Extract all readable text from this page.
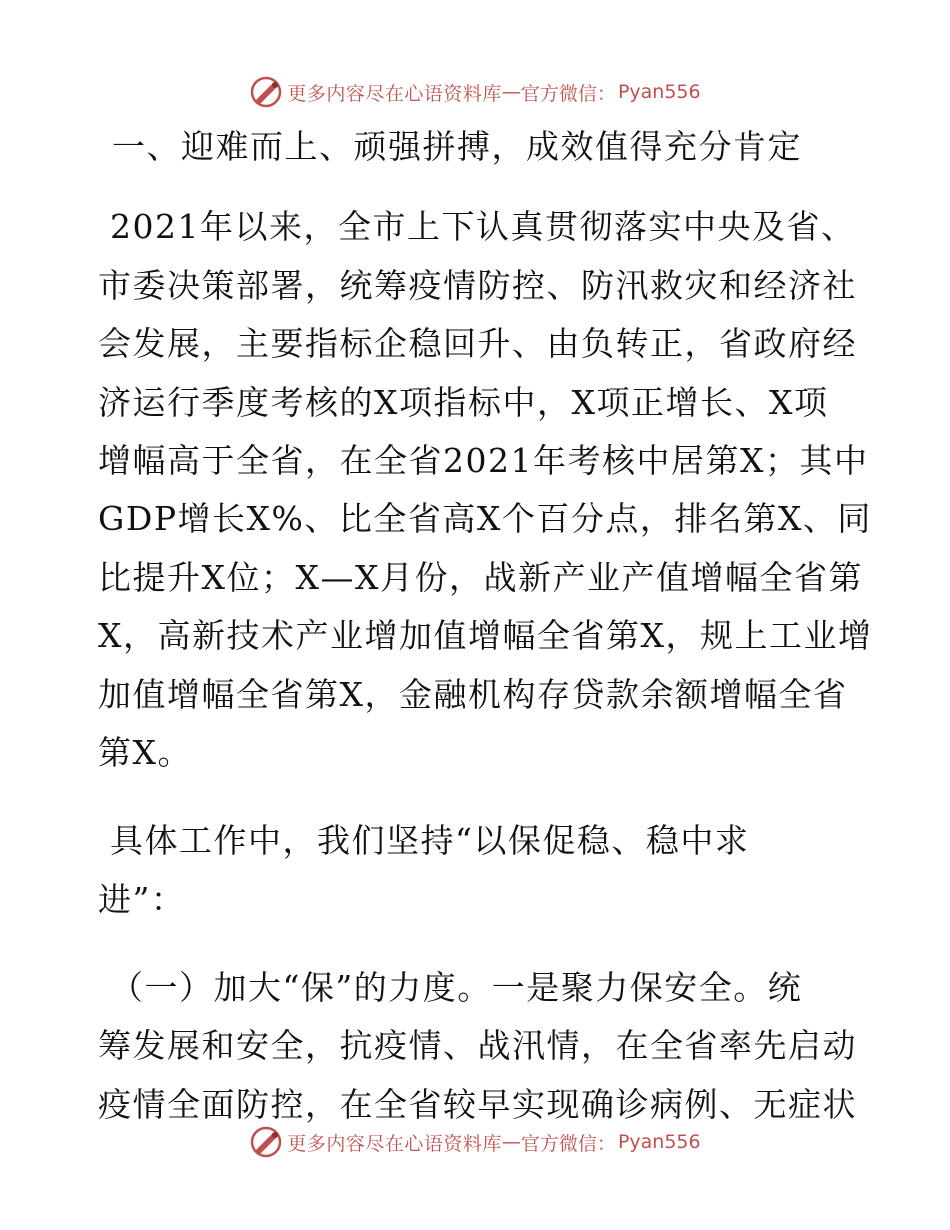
更多内容尽在心语资料库 — 官方微信： Pyan556
一、迎难而上、顽强拼搏，成效值得充分肯定
2021年以来，全市上下认真贯彻落实中央及省、
市委决策部署，统筹疫情防控、防汛救灾和经济社
会发展，主要指标企稳回升、由负转正，省政府经
济运行季度考核的X项指标中，X项正增长、X项
增幅高于全省，在全省2021年考核中居第X；其中
GDP增长X%、比全省高X个百分点，排名第X、同
比提升X位；X—X月份，战新产业产值增幅全省第
X，高新技术产业增加值增幅全省第X，规上工业增
加值增幅全省第X，金融机构存贷款余额增幅全省
第X。
具体工作中，我们坚持“以保促稳、稳中求
进”：
（一）加大“保”的力度。一是聚力保安全。统
筹发展和安全，抗疫情、战汛情，在全省率先启动
疫情全面防控，在全省较早实现确诊病例、无症状
更多内容尽在心语资料库 — 官方微信： Pyan556
